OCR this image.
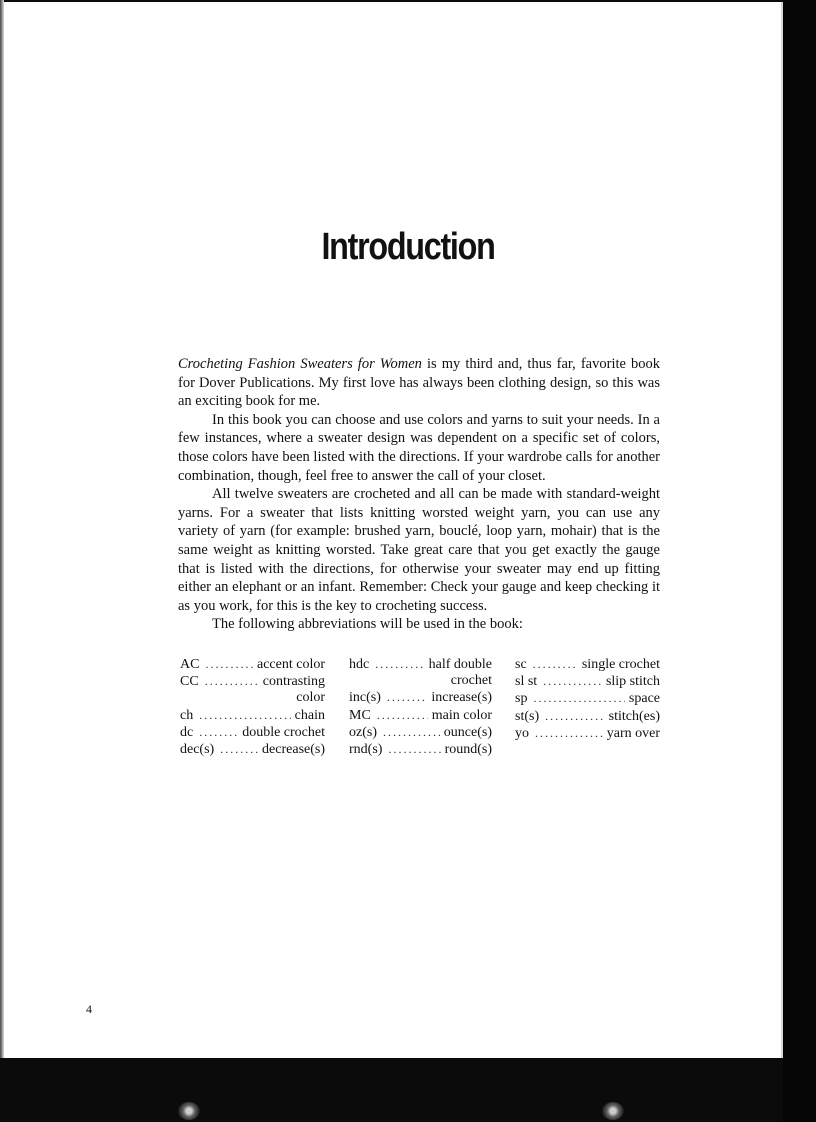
Introduction

Crocheting Fashion Sweaters for Women is my third and, thus far, favorite book for Dover Publications. My first love has always been clothing design, so this was an exciting book for me.

In this book you can choose and use colors and yarns to suit your needs. In a few instances, where a sweater design was dependent on a specific set of colors, those colors have been listed with the directions. If your wardrobe calls for another combination, though, feel free to answer the call of your closet.

All twelve sweaters are crocheted and all can be made with standard-weight yarns. For a sweater that lists knitting worsted weight yarn, you can use any variety of yarn (for example: brushed yarn, bouclé, loop yarn, mohair) that is the same weight as knitting worsted. Take great care that you get exactly the gauge that is listed with the directions, for otherwise your sweater may end up fitting either an elephant or an infant. Remember: Check your gauge and keep checking it as you work, for this is the key to crocheting success.

The following abbreviations will be used in the book:

AC .....	accent color
CC .....	contrasting
color
ch .....	chain
dc .....	double crochet
dec(s) .....	decrease(s)
hdc .....	half double
crochet
inc(s) .....	increase(s)
MC .....	main color
oz(s) .....	ounce(s)
rnd(s) .....	round(s)
sc .....	single crochet
sl st .....	slip stitch
sp .....	space
st(s) .....	stitch(es)
yo .....	yarn over
4
